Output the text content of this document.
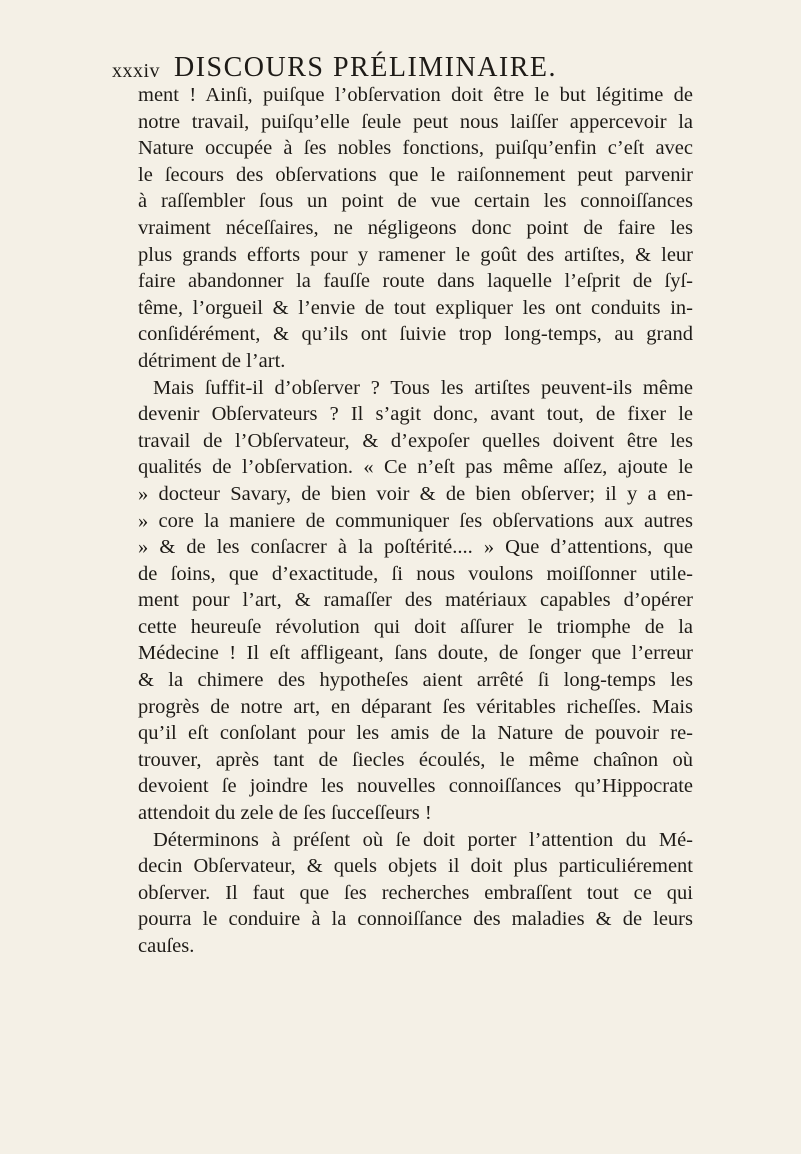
xxxiv DISCOURS PRÉLIMINAIRE.
ment ! Ainſi, puiſque l’obſervation doit être le but légitime de
notre travail, puiſqu’elle ſeule peut nous laiſſer appercevoir la
Nature occupée à ſes nobles fonctions, puiſqu’enfin c’eſt avec
le ſecours des obſervations que le raiſonnement peut parvenir
à raſſembler ſous un point de vue certain les connoiſſances
vraiment néceſſaires, ne négligeons donc point de faire les
plus grands efforts pour y ramener le goût des artiſtes, & leur
faire abandonner la fauſſe route dans laquelle l’eſprit de ſyſ-
tême, l’orgueil & l’envie de tout expliquer les ont conduits in-
conſidérément, & qu’ils ont ſuivie trop long-temps, au grand
détriment de l’art.
Mais ſuffit-il d’obſerver ? Tous les artiſtes peuvent-ils même
devenir Obſervateurs ? Il s’agit donc, avant tout, de fixer le
travail de l’Obſervateur, & d’expoſer quelles doivent être les
qualités de l’obſervation. « Ce n’eſt pas même aſſez, ajoute le
» docteur Savary, de bien voir & de bien obſerver; il y a en-
» core la maniere de communiquer ſes obſervations aux autres
» & de les conſacrer à la poſtérité.... » Que d’attentions, que
de ſoins, que d’exactitude, ſi nous voulons moiſſonner utile-
ment pour l’art, & ramaſſer des matériaux capables d’opérer
cette heureuſe révolution qui doit aſſurer le triomphe de la
Médecine ! Il eſt affligeant, ſans doute, de ſonger que l’erreur
& la chimere des hypotheſes aient arrêté ſi long-temps les
progrès de notre art, en déparant ſes véritables richeſſes. Mais
qu’il eſt conſolant pour les amis de la Nature de pouvoir re-
trouver, après tant de ſiecles écoulés, le même chaînon où
devoient ſe joindre les nouvelles connoiſſances qu’Hippocrate
attendoit du zele de ſes ſucceſſeurs !
Déterminons à préſent où ſe doit porter l’attention du Mé-
decin Obſervateur, & quels objets il doit plus particuliérement
obſerver. Il faut que ſes recherches embraſſent tout ce qui
pourra le conduire à la connoiſſance des maladies & de leurs
cauſes.
